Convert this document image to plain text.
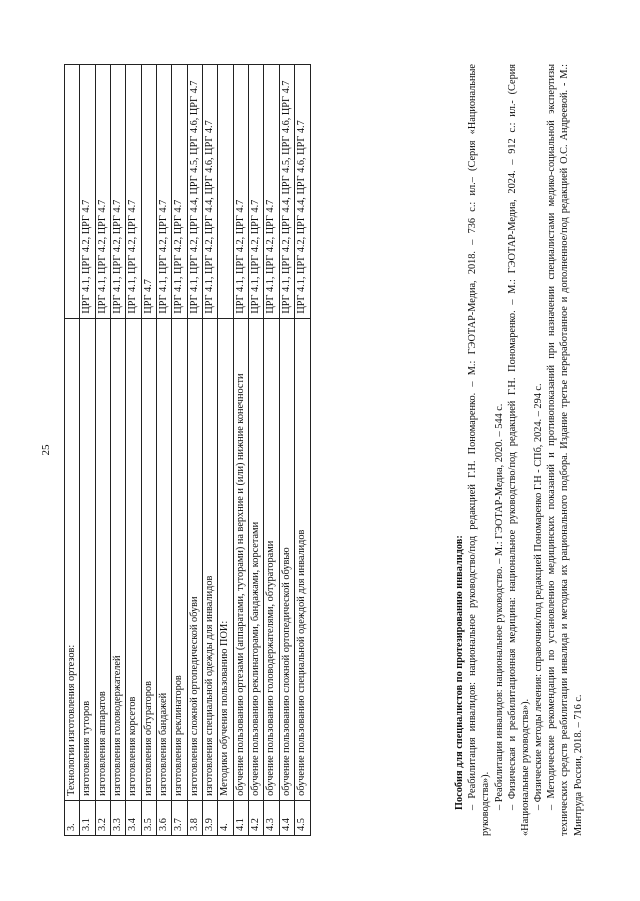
25
3.	Технологии изготовления ортезов:	
3.1	изготовления туторов	ЦРГ 4.1, ЦРГ 4.2, ЦРГ 4.7
3.2	изготовления аппаратов	ЦРГ 4.1, ЦРГ 4.2, ЦРГ 4.7
3.3	изготовления головодержателей	ЦРГ 4.1, ЦРГ 4.2, ЦРГ 4.7
3.4	изготовления корсетов	ЦРГ 4.1, ЦРГ 4.2, ЦРГ 4.7
3.5	изготовления обтураторов	ЦРГ 4.7
3.6	изготовления бандажей	ЦРГ 4.1, ЦРГ 4.2, ЦРГ 4.7
3.7	изготовления реклинаторов	ЦРГ 4.1, ЦРГ 4.2, ЦРГ 4.7
3.8	изготовления сложной ортопедической обуви	ЦРГ 4.1, ЦРГ 4.2, ЦРГ 4.4, ЦРГ 4.5, ЦРГ 4.6, ЦРГ 4.7
3.9	изготовления специальной одежды для инвалидов	ЦРГ 4.1, ЦРГ 4.2, ЦРГ 4.4, ЦРГ 4.6, ЦРГ 4.7
4.	Методики обучения пользованию ПОИ:	
4.1	обучение пользованию ортезами (аппаратами, туторами) на верхние и (или) нижние конечности	ЦРГ 4.1, ЦРГ 4.2, ЦРГ 4.7
4.2	обучение пользованию реклинаторами, бандажами, корсетами	ЦРГ 4.1, ЦРГ 4.2, ЦРГ 4.7
4.3	обучение пользованию головодержателями, обтураторами	ЦРГ 4.1, ЦРГ 4.2, ЦРГ 4.7
4.4	обучение пользованию сложной ортопедической обувью	ЦРГ 4.1, ЦРГ 4.2, ЦРГ 4.4, ЦРГ 4.5, ЦРГ 4.6, ЦРГ 4.7
4.5	обучение пользованию специальной одеждой для инвалидов	ЦРГ 4.1, ЦРГ 4.2, ЦРГ 4.4, ЦРГ 4.6, ЦРГ 4.7

Пособия для специалистов по протезированию инвалидов: – Реабилитация инвалидов: национальное руководство/под редакцией Г.Н. Пономаренко. – М.: ГЭОТАР-Медиа, 2018. – 736 с.: ил.– (Серия «Национальные руководства»). – Реабилитация инвалидов: национальное руководство. – М.: ГЭОТАР-Медиа, 2020. – 544 с. – Физическая и реабилитационная медицина: национальное руководство/под редакцией Г.Н. Пономаренко. – М.: ГЭОТАР-Медиа, 2024. – 912 с.: ил.- (Серия «Национальные руководства»). – Физические методы лечения: справочник/под редакцией Пономаренко Г.Н - СПб, 2024. – 294 с. – Методические рекомендации по установлению медицинских показаний и противопоказаний при назначении специалистами медико-социальной экспертизы технических средств реабилитации инвалида и методика их рационального подбора. Издание третье переработанное и дополненное/под редакцией О.С. Андреевой. - М.: Минтруда России, 2018. – 716 с.
